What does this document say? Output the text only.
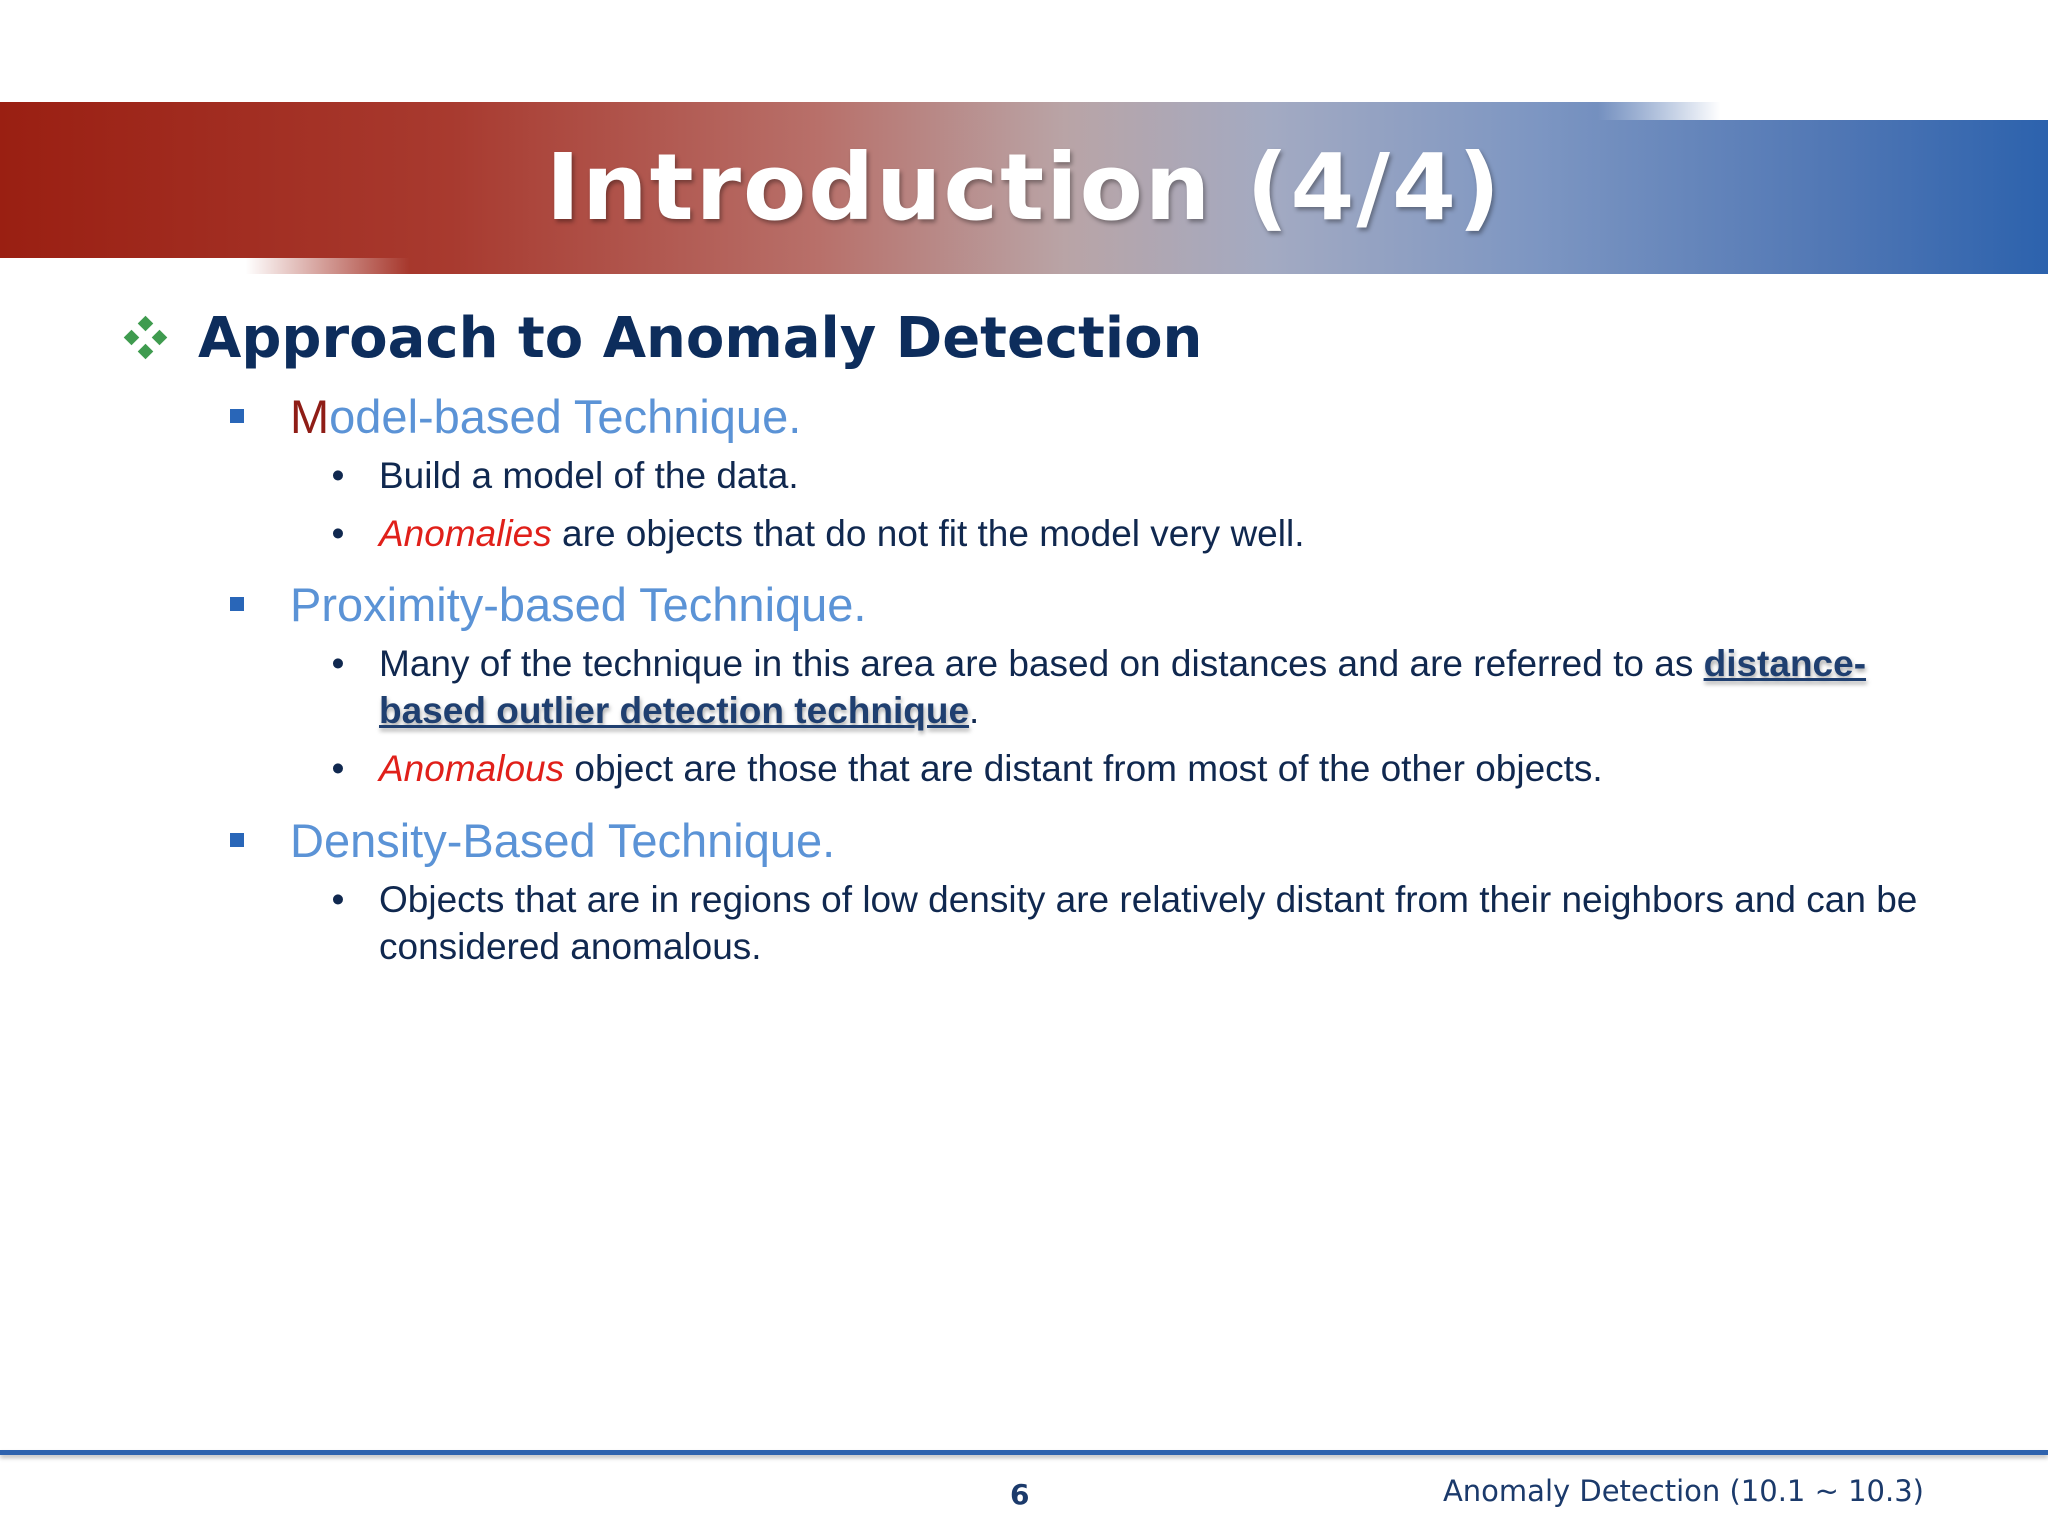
Introduction (4/4)
Approach to Anomaly Detection
Model-based Technique.
• Build a model of the data.
• Anomalies are objects that do not fit the model very well.
Proximity-based Technique.
• Many of the technique in this area are based on distances and are referred to as distance-based outlier detection technique.
• Anomalous object are those that are distant from most of the other objects.
Density-Based Technique.
• Objects that are in regions of low density are relatively distant from their neighbors and can be considered anomalous.
6	Anomaly Detection (10.1 ~ 10.3)
